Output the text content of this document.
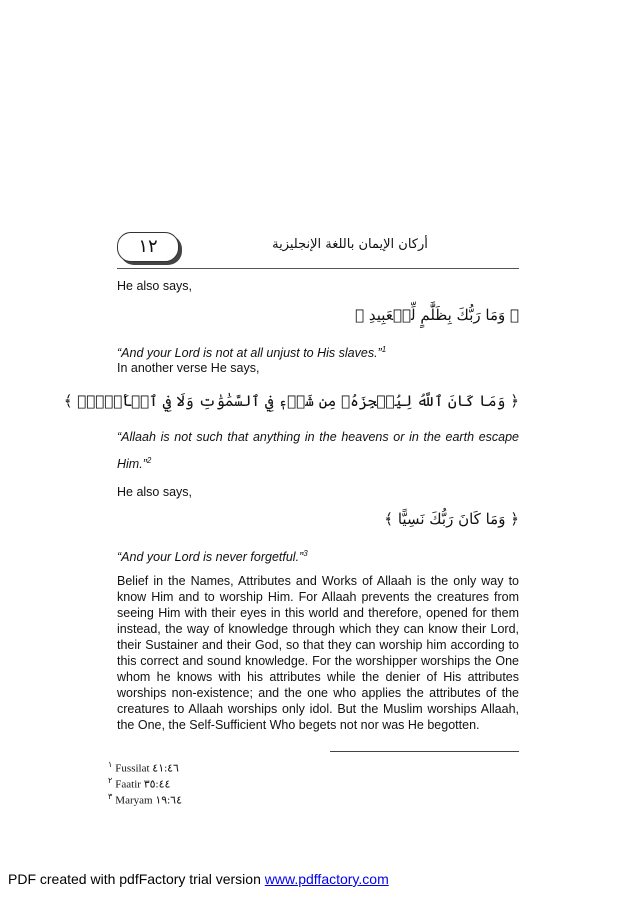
١٢	أركان الإيمان باللغة الإنجليزية
He also says,
﴿ وَمَا رَبُّكَ بِظَلَّٰمٍ لِّلۡعَبِيدِ ﴾
“And your Lord is not at all unjust to His slaves.”$^1$
In another verse He says,
﴿ وَمَا كَانَ ٱللَّهُ لِيُعۡجِزَهُۥ مِن شَيۡءٖ فِي ٱلسَّمَٰوَٰتِ وَلَا فِي ٱلۡأَرۡضِۚ ﴾
“Allaah is not such that anything in the heavens or in the earth escape Him.”$^2$
He also says,
﴿ وَمَا كَانَ رَبُّكَ نَسِيًّا ﴾
“And your Lord is never forgetful.”$^3$
Belief in the Names, Attributes and Works of Allaah is the only way to know Him and to worship Him. For Allaah prevents the creatures from seeing Him with their eyes in this world and therefore, opened for them instead, the way of knowledge through which they can know their Lord, their Sustainer and their God, so that they can worship him according to this correct and sound knowledge. For the worshipper worships the One whom he knows with his attributes while the denier of His attributes worships non-existence; and the one who applies the attributes of the creatures to Allaah worships only idol. But the Muslim worships Allaah, the One, the Self-Sufficient Who begets not nor was He begotten.
$^١$ Fussilat ٤١:٤٦
$^٢$ Faatir ٣٥:٤٤
$^٣$ Maryam ١٩:٦٤
PDF created with pdfFactory trial version www.pdffactory.com
